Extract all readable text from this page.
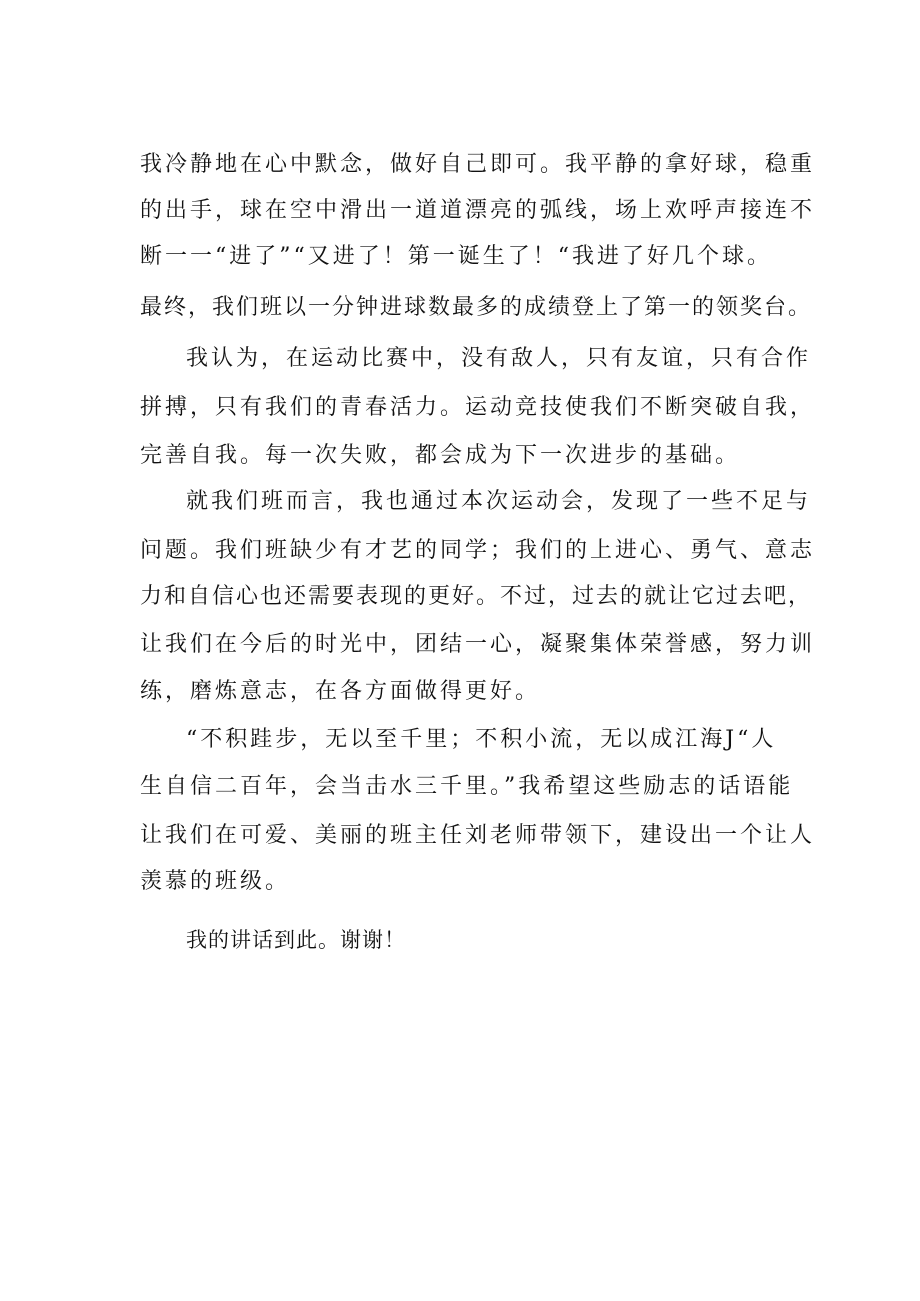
我冷静地在心中默念，做好自己即可。我平静的拿好球，稳重
的出手，球在空中滑出一道道漂亮的弧线，场上欢呼声接连不
断一一“进了”“又进了！第一诞生了！“我进了好几个球。
最终，我们班以一分钟进球数最多的成绩登上了第一的领奖台。
我认为，在运动比赛中，没有敌人，只有友谊，只有合作
拼搏，只有我们的青春活力。运动竞技使我们不断突破自我，
完善自我。每一次失败，都会成为下一次进步的基础。
就我们班而言，我也通过本次运动会，发现了一些不足与
问题。我们班缺少有才艺的同学；我们的上进心、勇气、意志
力和自信心也还需要表现的更好。不过，过去的就让它过去吧，
让我们在今后的时光中，团结一心，凝聚集体荣誉感，努力训
练，磨炼意志，在各方面做得更好。
“不积跬步，无以至千里；不积小流，无以成江海J“人
生自信二百年，会当击水三千里。”我希望这些励志的话语能
让我们在可爱、美丽的班主任刘老师带领下，建设出一个让人
羡慕的班级。
我的讲话到此。谢谢！
